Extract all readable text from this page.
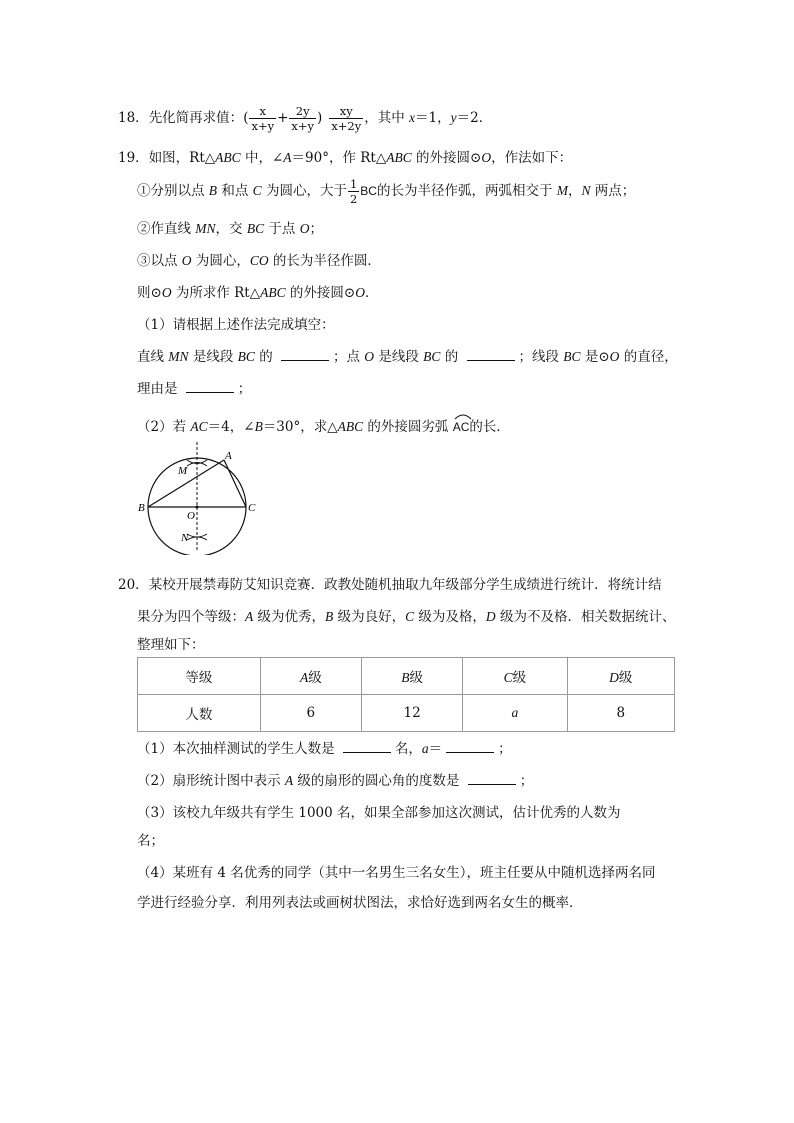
18．先化简再求值：( $\frac{x}{x+y} + \frac{2y}{x+y}$ ) $\frac{xy}{x+2y}$ ，其中 x＝1，y＝2．
19．如图，Rt△ABC 中，∠A＝90°，作 Rt△ABC 的外接圆⊙O，作法如下：
①分别以点 B 和点 C 为圆心，大于 $\frac{1}{2}$ BC的长为半径作弧，两弧相交于 M，N 两点；
②作直线 MN，交 BC 于点 O；
③以点 O 为圆心，CO 的长为半径作圆．
则⊙O 为所求作 Rt△ABC 的外接圆⊙O．
（1）请根据上述作法完成填空：
直线 MN 是线段 BC 的	；点 O 是线段 BC 的	；线段 BC 是⊙O 的直径，
理由是	；
（2）若 AC＝4，∠B＝30°，求△ABC 的外接圆劣弧
AC的长．
A
B	C
M
N
O
20．某校开展禁毒防艾知识竞赛．政教处随机抽取九年级部分学生成绩进行统计．将统计结
果分为四个等级：A 级为优秀，B 级为良好，C 级为及格，D 级为不及格．相关数据统计、
整理如下：
等级	A级	B级	C级	D级
人数	6	12	a	8
（1）本次抽样测试的学生人数是	名，a＝	；
（2）扇形统计图中表示 A 级的扇形的圆心角的度数是	；
（3）该校九年级共有学生 1000 名，如果全部参加这次测试，估计优秀的人数为
名；
（4）某班有 4 名优秀的同学（其中一名男生三名女生），班主任要从中随机选择两名同
学进行经验分享．利用列表法或画树状图法，求恰好选到两名女生的概率．
